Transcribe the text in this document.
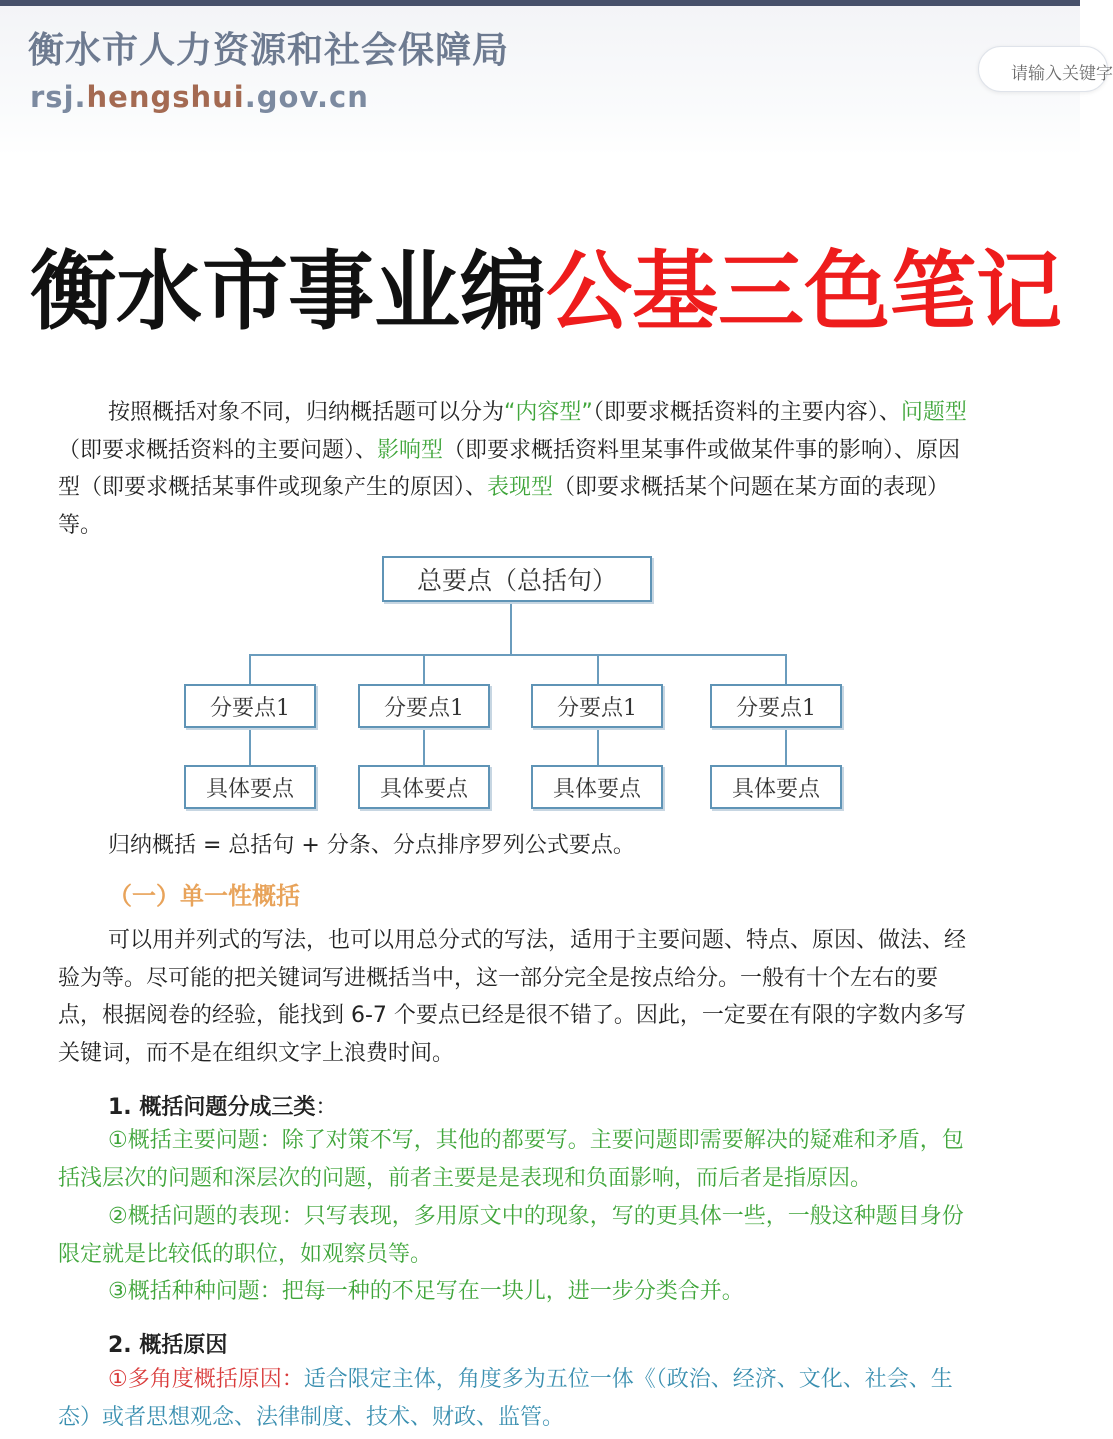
衡水市人力资源和社会保障局
rsj.hengshui.gov.cn
请输入关键字
衡水市事业编公基三色笔记
按照概括对象不同，归纳概括题可以分为“内容型”（即要求概括资料的主要内容）、问题型（即要求概括资料的主要问题）、影响型（即要求概括资料里某事件或做某件事的影响）、原因型（即要求概括某事件或现象产生的原因）、表现型（即要求概括某个问题在某方面的表现）等。
总要点（总括句）
分要点1	分要点1	分要点1	分要点1
具体要点	具体要点	具体要点	具体要点
归纳概括 = 总括句 + 分条、分点排序罗列公式要点。
（一）单一性概括
可以用并列式的写法，也可以用总分式的写法，适用于主要问题、特点、原因、做法、经验为等。尽可能的把关键词写进概括当中，这一部分完全是按点给分。一般有十个左右的要点，根据阅卷的经验，能找到 6-7 个要点已经是很不错了。因此，一定要在有限的字数内多写关键词，而不是在组织文字上浪费时间。
1. 概括问题分成三类：
①概括主要问题：除了对策不写，其他的都要写。主要问题即需要解决的疑难和矛盾，包括浅层次的问题和深层次的问题，前者主要是是表现和负面影响，而后者是指原因。
②概括问题的表现：只写表现，多用原文中的现象，写的更具体一些，一般这种题目身份限定就是比较低的职位，如观察员等。
③概括种种问题：把每一种的不足写在一块儿，进一步分类合并。
2. 概括原因
①多角度概括原因：适合限定主体，角度多为五位一体《（政治、经济、文化、社会、生态）或者思想观念、法律制度、技术、财政、监管。
